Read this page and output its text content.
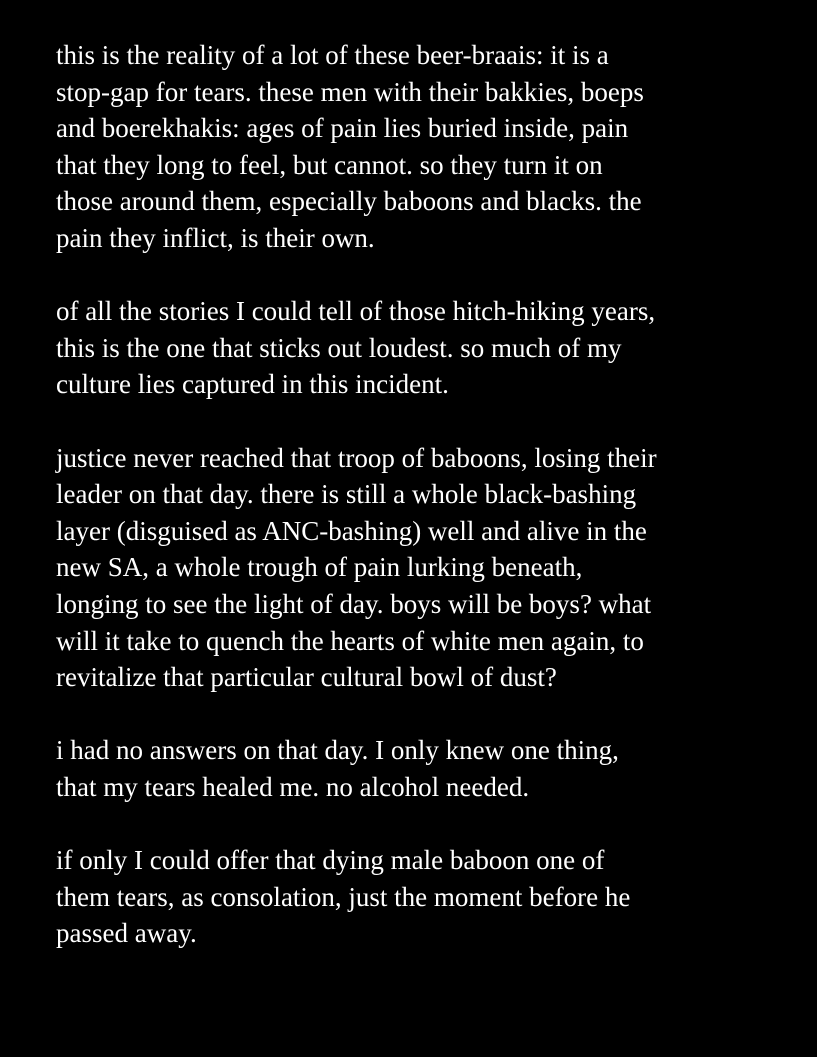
this is the reality of a lot of these beer-braais: it is a
stop-gap for tears. these men with their bakkies, boeps
and boerekhakis: ages of pain lies buried inside, pain
that they long to feel, but cannot. so they turn it on
those around them, especially baboons and blacks. the
pain they inflict, is their own.

of all the stories I could tell of those hitch-hiking years,
this is the one that sticks out loudest. so much of my
culture lies captured in this incident.

justice never reached that troop of baboons, losing their
leader on that day. there is still a whole black-bashing
layer (disguised as ANC-bashing) well and alive in the
new SA, a whole trough of pain lurking beneath,
longing to see the light of day. boys will be boys? what
will it take to quench the hearts of white men again, to
revitalize that particular cultural bowl of dust?

i had no answers on that day. I only knew one thing,
that my tears healed me. no alcohol needed.

if only I could offer that dying male baboon one of
them tears, as consolation, just the moment before he
passed away.
